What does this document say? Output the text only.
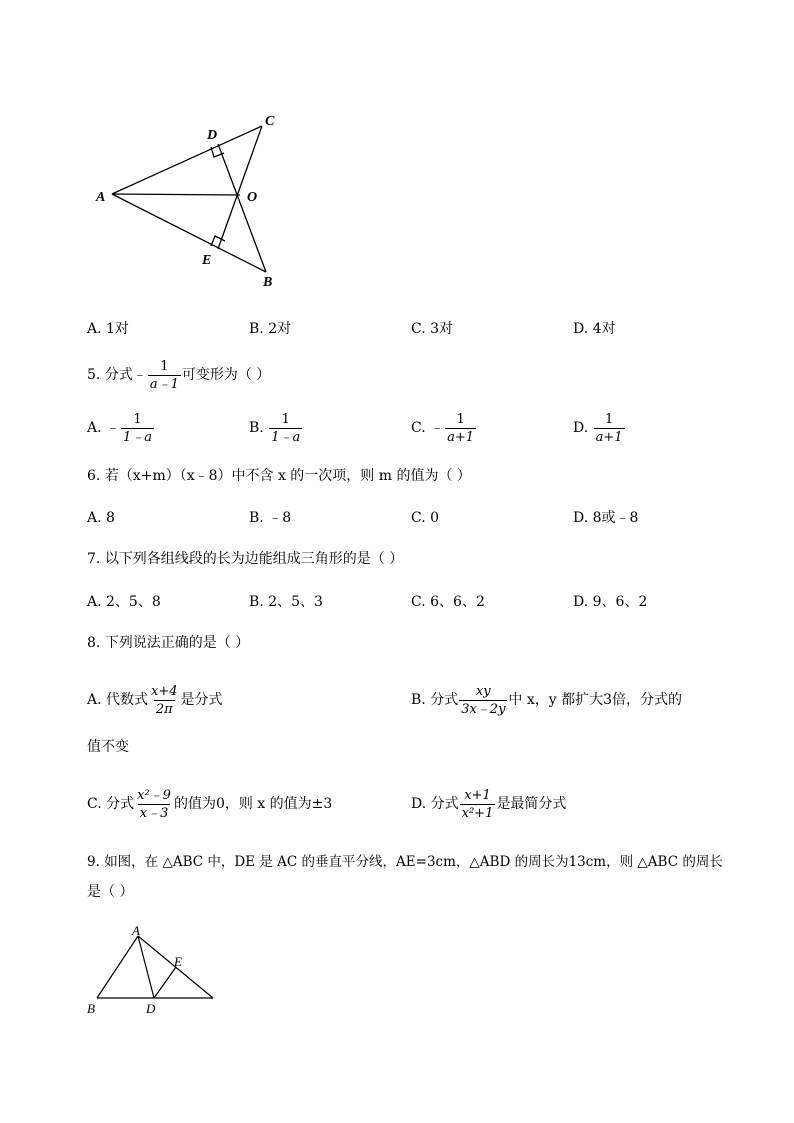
A
C
D
O
E
B
A. 1对	B. 2对	C. 3对	D. 4对
5. 分式﹣ $\frac{1}{a﹣1}$ 可变形为（ ）
A. ﹣ $\frac{1}{1﹣a}$	B. $\frac{1}{1﹣a}$	C. ﹣ $\frac{1}{a+1}$	D. $\frac{1}{a+1}$
6. 若（x+m）（x﹣8）中不含 x 的一次项，则 m 的值为（ ）
A. 8	B. ﹣8	C. 0	D. 8或﹣8
7. 以下列各组线段的长为边能组成三角形的是（ ）
A. 2、5、8	B. 2、5、3	C. 6、6、2	D. 9、6、2
8. 下列说法正确的是（ ）
A. 代数式 $\frac{x+4}{2\pi}$ 是分式	B. 分式 $\frac{xy}{3x﹣2y}$ 中 x，y 都扩大3倍，分式的
值不变
C. 分式 $\frac{\text{x²﹣9}}{x﹣3}$ 的值为0，则 x 的值为±3	D. 分式 $\frac{x+1}{\text{x²+1}}$ 是最简分式
9. 如图，在 △ABC 中，DE 是 AC 的垂直平分线，AE=3cm，△ABD 的周长为13cm，则 △ABC 的周长
是（ ）
A
E
B	D
